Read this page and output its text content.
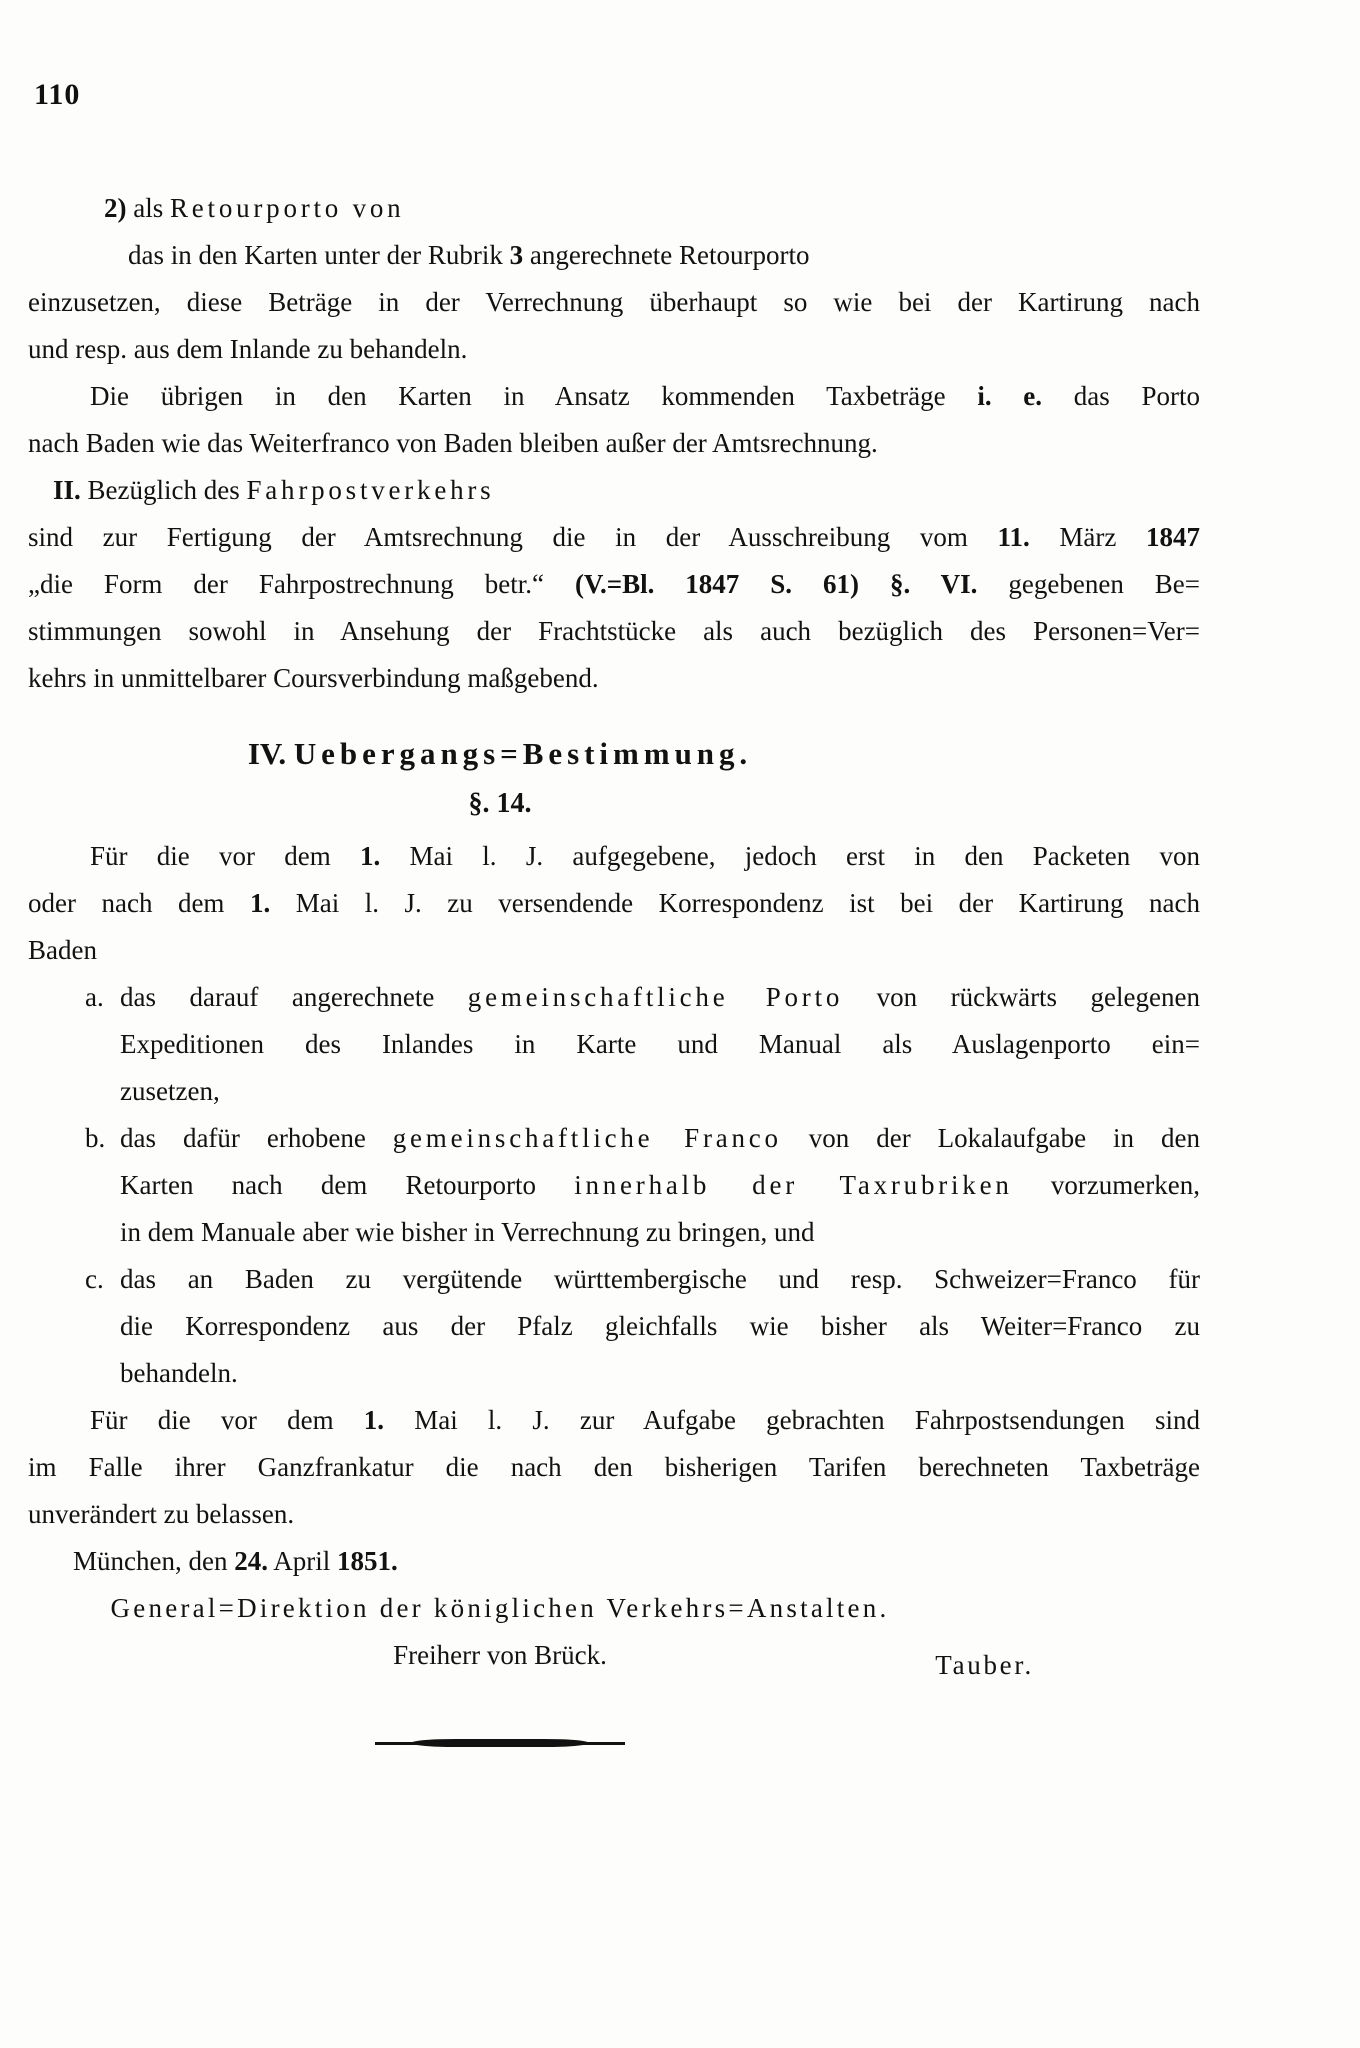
110
2) als Retourporto von
das in den Karten unter der Rubrik 3 angerechnete Retourporto
einzusetzen, diese Beträge in der Verrechnung überhaupt so wie bei der Kartirung nach
und resp. aus dem Inlande zu behandeln.
Die übrigen in den Karten in Ansatz kommenden Taxbeträge i. e. das Porto
nach Baden wie das Weiterfranco von Baden bleiben außer der Amtsrechnung.
II. Bezüglich des Fahrpostverkehrs
sind zur Fertigung der Amtsrechnung die in der Ausschreibung vom 11. März 1847
„die Form der Fahrpostrechnung betr.“ (V.=Bl. 1847 S. 61) §. VI. gegebenen Be=
stimmungen sowohl in Ansehung der Frachtstücke als auch bezüglich des Personen=Ver=
kehrs in unmittelbarer Coursverbindung maßgebend.
IV. Uebergangs=Bestimmung.
§. 14.
Für die vor dem 1. Mai l. J. aufgegebene, jedoch erst in den Packeten von
oder nach dem 1. Mai l. J. zu versendende Korrespondenz ist bei der Kartirung nach
Baden
a. das darauf angerechnete gemeinschaftliche Porto von rückwärts gelegenen
Expeditionen des Inlandes in Karte und Manual als Auslagenporto ein=
zusetzen,
b. das dafür erhobene gemeinschaftliche Franco von der Lokalaufgabe in den
Karten nach dem Retourporto innerhalb der Taxrubriken vorzumerken,
in dem Manuale aber wie bisher in Verrechnung zu bringen, und
c. das an Baden zu vergütende württembergische und resp. Schweizer=Franco für
die Korrespondenz aus der Pfalz gleichfalls wie bisher als Weiter=Franco zu
behandeln.
Für die vor dem 1. Mai l. J. zur Aufgabe gebrachten Fahrpostsendungen sind
im Falle ihrer Ganzfrankatur die nach den bisherigen Tarifen berechneten Taxbeträge
unverändert zu belassen.
München, den 24. April 1851.
General=Direktion der königlichen Verkehrs=Anstalten.
Freiherr von Brück.	Tauber.
